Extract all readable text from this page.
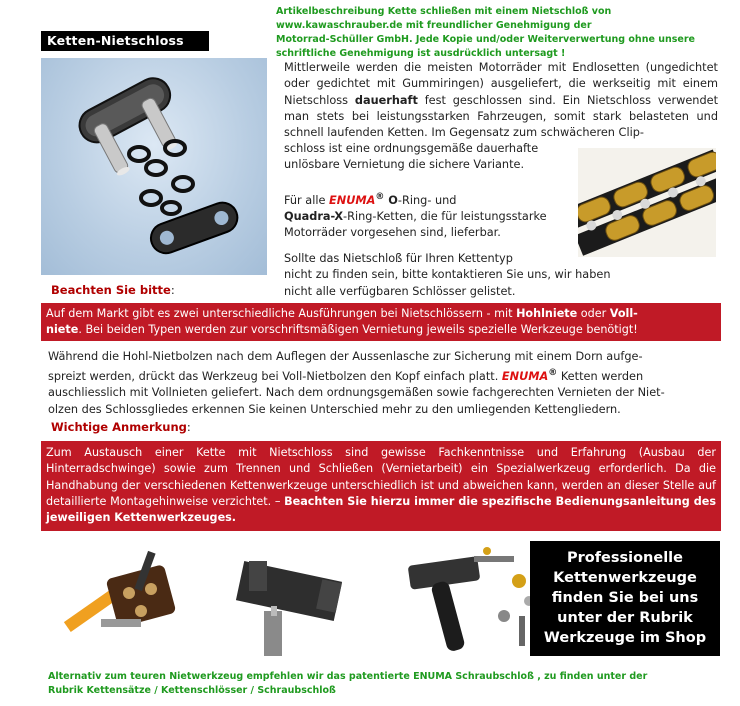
Artikelbeschreibung Kette schließen mit einem Nietschloß von
www.kawaschrauber.de mit freundlicher Genehmigung der
Motorrad-Schüller GmbH. Jede Kopie und/oder Weiterverwertung ohne unsere
schriftliche Genehmigung ist ausdrücklich untersagt !
Ketten-Nietschloss

Mittlerweile werden die meisten Motorräder mit Endlosetten (ungedichtet oder gedichtet mit Gummiringen) ausgeliefert, die werkseitig mit einem Nietschloss dauerhaft fest geschlossen sind. Ein Nietschloss verwendet man stets bei leistungsstarken Fahrzeugen, somit stark belasteten und schnell laufenden Ketten. Im Gegensatz zum schwächeren Clip-

schloss ist eine ordnungsgemäße dauerhafte
unlösbare Vernietung die sichere Variante.
Für alle ENUMA® O-Ring- und
Quadra-X-Ring-Ketten, die für leistungsstarke
Motorräder vorgesehen sind, lieferbar.
Sollte das Nietschloß für Ihren Kettentyp
nicht zu finden sein, bitte kontaktieren Sie uns, wir haben
nicht alle verfügbaren Schlösser gelistet.
Beachten Sie bitte:
Auf dem Markt gibt es zwei unterschiedliche Ausführungen bei Nietschlössern - mit Hohlniete oder Voll-
niete. Bei beiden Typen werden zur vorschriftsmäßigen Vernietung jeweils spezielle Werkzeuge benötigt!
Während die Hohl-Nietbolzen nach dem Auflegen der Aussenlasche zur Sicherung mit einem Dorn aufge-
spreizt werden, drückt das Werkzeug bei Voll-Nietbolzen den Kopf einfach platt. ENUMA® Ketten werden
auschliesslich mit Vollnieten geliefert. Nach dem ordnungsgemäßen sowie fachgerechten Vernieten der Niet-
olzen des Schlossgliedes erkennen Sie keinen Unterschied mehr zu den umliegenden Kettengliedern.
Wichtige Anmerkung:
Zum Austausch einer Kette mit Nietschloss sind gewisse Fachkenntnisse und Erfahrung (Ausbau der Hinterradschwinge) sowie zum Trennen und Schließen (Vernietarbeit) ein Spezialwerkzeug erforderlich. Da die Handhabung der verschiedenen Kettenwerkzeuge unterschiedlich ist und abweichen kann, werden an dieser Stelle auf detaillierte Montagehinweise verzichtet. – Beachten Sie hierzu immer die spezifische Bedienungsanleitung des jeweiligen Kettenwerkzeuges.
Professionelle
Kettenwerkzeuge
finden Sie bei uns
unter der Rubrik
Werkzeuge im Shop
Alternativ zum teuren Nietwerkzeug empfehlen wir das patentierte ENUMA Schraubschloß , zu finden unter der
Rubrik Kettensätze / Kettenschlösser / Schraubschloß
